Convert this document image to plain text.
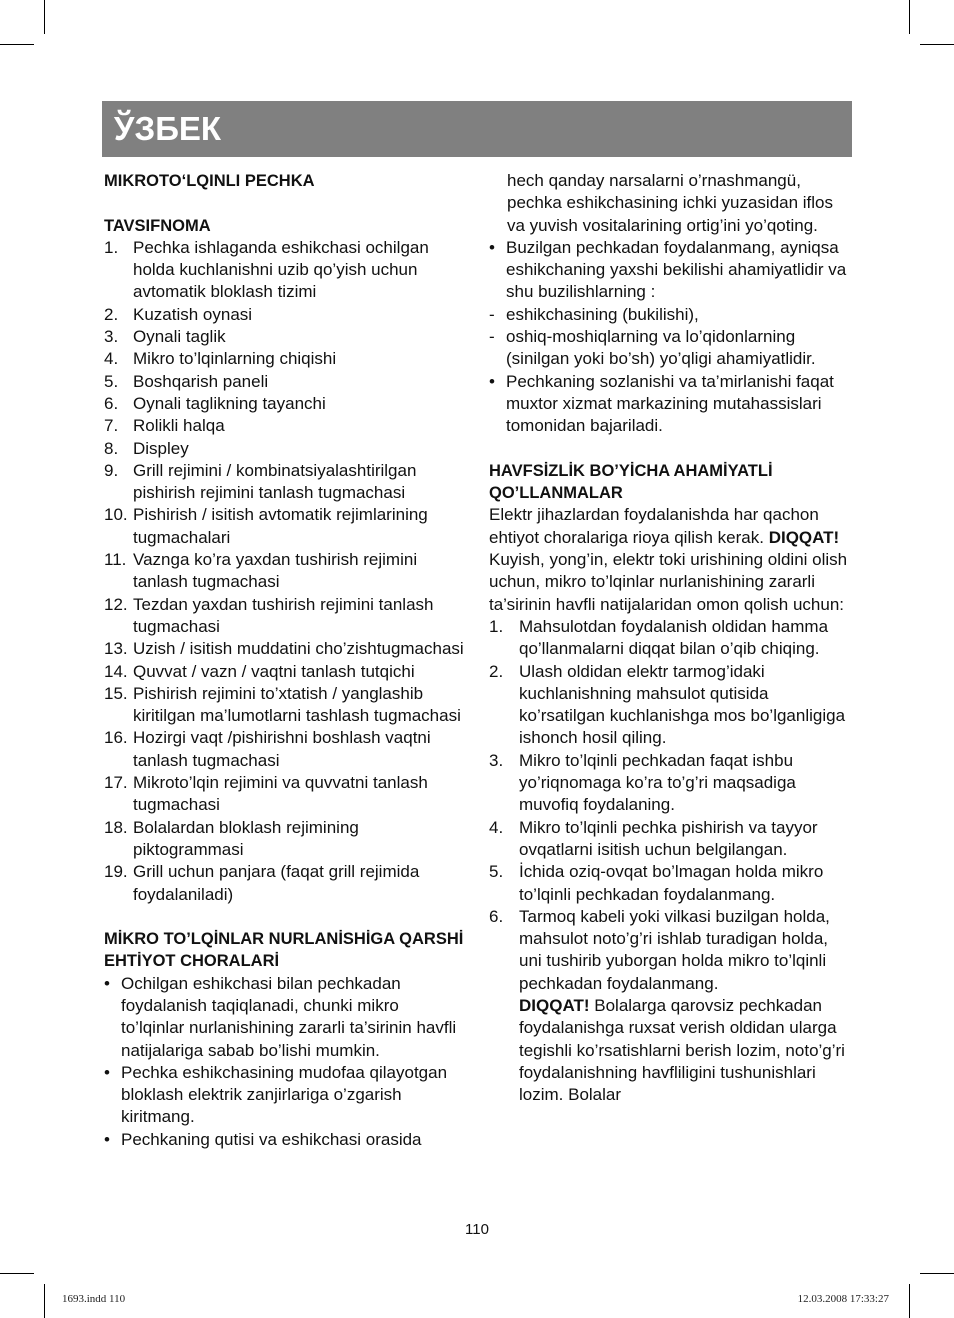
ЎЗБЕК
MIKROTO‘LQINLI PECHKA
TAVSIFNOMA
1. Pechka ishlaganda eshikchasi ochilgan holda kuchlanishni uzib qo’yish uchun avtomatik bloklash tizimi
2. Kuzatish oynasi
3. Oynali taglik
4. Mikro to’lqinlarning chiqishi
5. Boshqarish paneli
6. Oynali taglikning tayanchi
7. Rolikli halqa
8. Displey
9. Grill rejimini / kombinatsiyalashtirilgan pishirish rejimini tanlash tugmachasi
10. Pishirish / isitish avtomatik rejimlarining tugmachalari
11. Vaznga ko’ra yaxdan tushirish rejimini tanlash tugmachasi
12. Tezdan yaxdan tushirish rejimini tanlash tugmachasi
13. Uzish / isitish muddatini cho’zishtugmachasi
14. Quvvat / vazn / vaqtni tanlash tutqichi
15. Pishirish rejimini to’xtatish / yanglashib kiritilgan ma’lumotlarni tashlash tugmachasi
16. Hozirgi vaqt /pishirishni boshlash vaqtni tanlash tugmachasi
17. Mikroto’lqin rejimini va quvvatni tanlash tugmachasi
18. Bolalardan bloklash rejimining piktogrammasi
19. Grill uchun panjara (faqat grill rejimida foydalaniladi)
MİKRO TO’LQİNLAR NURLANİSHİGA QARSHİ EHTİYOT CHORALARİ
• Ochilgan eshikchasi bilan pechkadan foydalanish taqiqlanadi, chunki mikro to’lqinlar nurlanishining zararli ta’sirinin havfli natijalariga sabab bo’lishi mumkin.
• Pechka eshikchasining mudofaa qilayotgan bloklash elektrik zanjirlariga o’zgarish kiritmang.
• Pechkaning qutisi va eshikchasi orasida
hech qanday narsalarni o’rnashmangü, pechka eshikchasining ichki yuzasidan iflos va yuvish vositalarining ortig’ini yo’qoting.
• Buzilgan pechkadan foydalanmang, ayniqsa eshikchaning yaxshi bekilishi ahamiyatlidir va shu buzilishlarning :
- eshikchasining (bukilishi),
- oshiq-moshiqlarning va lo’qidonlarning (sinilgan yoki bo’sh) yo’qligi ahamiyatlidir.
• Pechkaning sozlanishi va ta’mirlanishi faqat muxtor xizmat markazining mutahassislari tomonidan bajariladi.
HAVFSİZLİK BO’YİCHA AHAMİYATLİ QO’LLANMALAR
Elektr jihazlardan foydalanishda har qachon ehtiyot choralariga rioya qilish kerak. DIQQAT! Kuyish, yong’in, elektr toki urishining oldini olish uchun, mikro to’lqinlar nurlanishining zararli ta’sirinin havfli natijalaridan omon qolish uchun:
1. Mahsulotdan foydalanish oldidan hamma qo’llanmalarni diqqat bilan o’qib chiqing.
2. Ulash oldidan elektr tarmog’idaki kuchlanishning mahsulot qutisida ko’rsatilgan kuchlanishga mos bo’lganligiga ishonch hosil qiling.
3. Mikro to’lqinli pechkadan faqat ishbu yo’riqnomaga ko’ra to’g’ri maqsadiga muvofiq foydalaning.
4. Mikro to’lqinli pechka pishirish va tayyor ovqatlarni isitish uchun belgilangan.
5. İchida oziq-ovqat bo’lmagan holda mikro to’lqinli pechkadan foydalanmang.
6. Tarmoq kabeli yoki vilkasi buzilgan holda, mahsulot noto’g’ri ishlab turadigan holda, uni tushirib yuborgan holda mikro to’lqinli pechkadan foydalanmang.
DIQQAT! Bolalarga qarovsiz pechkadan foydalanishga ruxsat verish oldidan ularga tegishli ko’rsatishlarni berish lozim, noto’g’ri foydalanishning havfliligini tushunishlari lozim. Bolalar
110
1693.indd 110	12.03.2008 17:33:27
